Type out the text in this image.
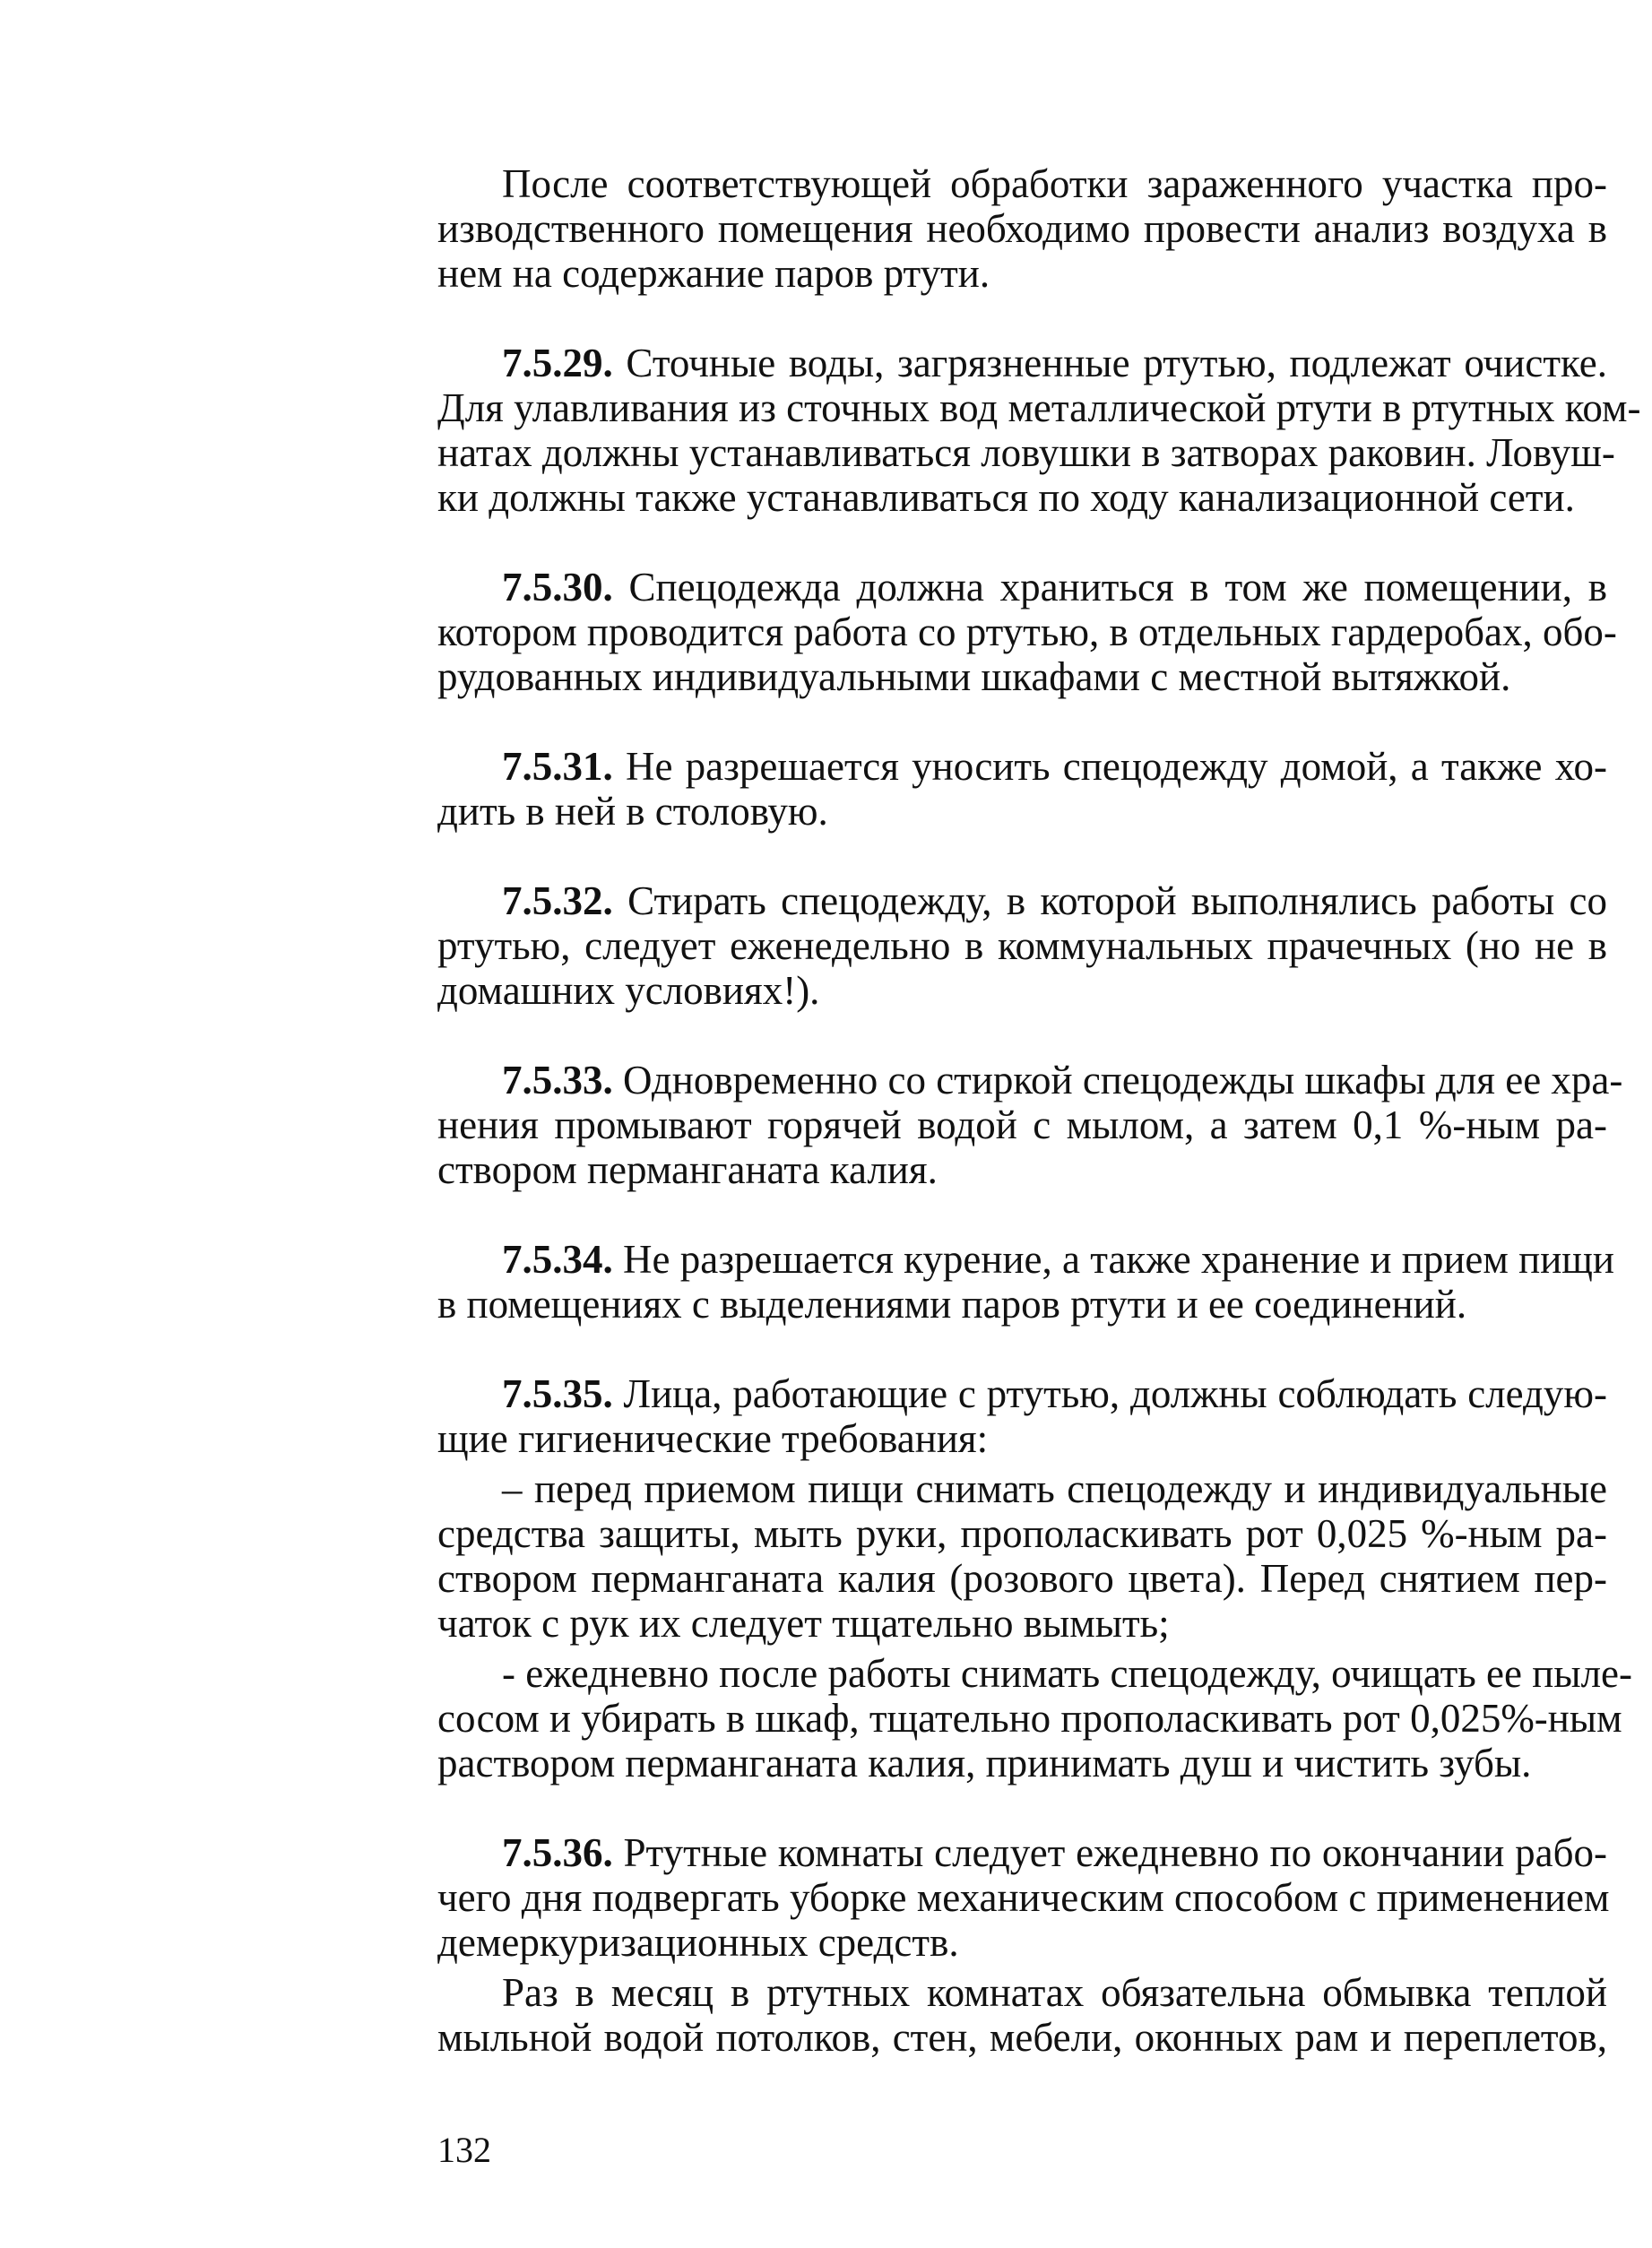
После соответствующей обработки зараженного участка про-
изводственного помещения необходимо провести анализ воздуха в
нем на содержание паров ртути.

7.5.29. Сточные воды, загрязненные ртутью, подлежат очистке.
Для улавливания из сточных вод металлической ртути в ртутных ком-
натах должны устанавливаться ловушки в затворах раковин. Ловуш-
ки должны также устанавливаться по ходу канализационной сети.

7.5.30. Спецодежда должна храниться в том же помещении, в
котором проводится работа со ртутью, в отдельных гардеробах, обо-
рудованных индивидуальными шкафами с местной вытяжкой.

7.5.31. Не разрешается уносить спецодежду домой, а также хо-
дить в ней в столовую.

7.5.32. Стирать спецодежду, в которой выполнялись работы со
ртутью, следует еженедельно в коммунальных прачечных (но не в
домашних условиях!).

7.5.33. Одновременно со стиркой спецодежды шкафы для ее хра-
нения промывают горячей водой с мылом, а затем 0,1 %-ным ра-
створом перманганата калия.

7.5.34. Не разрешается курение, а также хранение и прием пищи
в помещениях с выделениями паров ртути и ее соединений.

7.5.35. Лица, работающие с ртутью, должны соблюдать следую-
щие гигиенические требования:

– перед приемом пищи снимать спецодежду и индивидуальные
средства защиты, мыть руки, прополаскивать рот 0,025 %-ным ра-
створом перманганата калия (розового цвета). Перед снятием пер-
чаток с рук их следует тщательно вымыть;

- ежедневно после работы снимать спецодежду, очищать ее пыле-
сосом и убирать в шкаф, тщательно прополаскивать рот 0,025%-ным
раствором перманганата калия, принимать душ и чистить зубы.

7.5.36. Ртутные комнаты следует ежедневно по окончании рабо-
чего дня подвергать уборке механическим способом с применением
демеркуризационных средств.

Раз в месяц в ртутных комнатах обязательна обмывка теплой
мыльной водой потолков, стен, мебели, оконных рам и переплетов,

132
